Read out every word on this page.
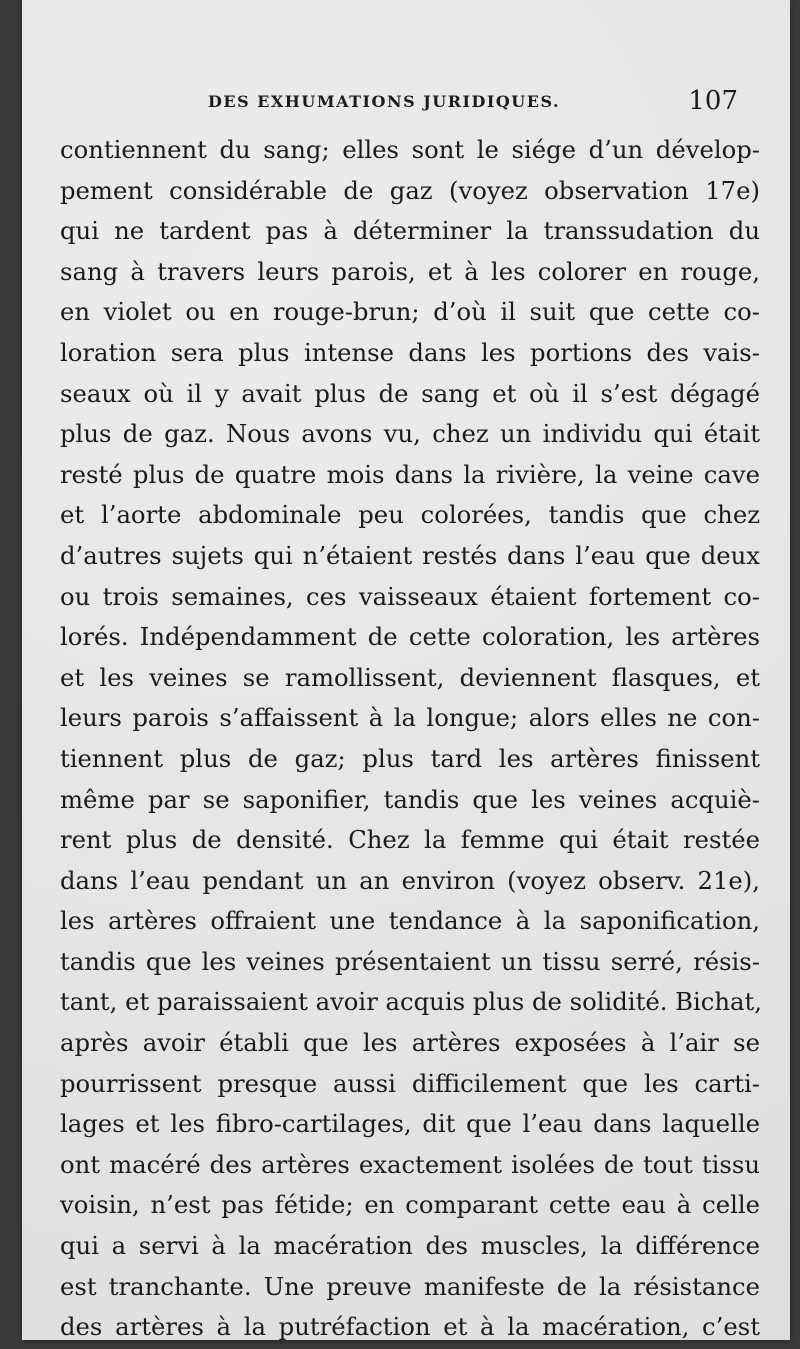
DES EXHUMATIONS JURIDIQUES.	107
contiennent du sang; elles sont le siége d’un dévelop-
pement considérable de gaz (voyez observation 17e)
qui ne tardent pas à déterminer la transsudation du
sang à travers leurs parois, et à les colorer en rouge,
en violet ou en rouge-brun; d’où il suit que cette co-
loration sera plus intense dans les portions des vais-
seaux où il y avait plus de sang et où il s’est dégagé
plus de gaz. Nous avons vu, chez un individu qui était
resté plus de quatre mois dans la rivière, la veine cave
et l’aorte abdominale peu colorées, tandis que chez
d’autres sujets qui n’étaient restés dans l’eau que deux
ou trois semaines, ces vaisseaux étaient fortement co-
lorés. Indépendamment de cette coloration, les artères
et les veines se ramollissent, deviennent flasques, et
leurs parois s’affaissent à la longue; alors elles ne con-
tiennent plus de gaz; plus tard les artères finissent
même par se saponifier, tandis que les veines acquiè-
rent plus de densité. Chez la femme qui était restée
dans l’eau pendant un an environ (voyez observ. 21e),
les artères offraient une tendance à la saponification,
tandis que les veines présentaient un tissu serré, résis-
tant, et paraissaient avoir acquis plus de solidité. Bichat,
après avoir établi que les artères exposées à l’air se
pourrissent presque aussi difficilement que les carti-
lages et les fibro-cartilages, dit que l’eau dans laquelle
ont macéré des artères exactement isolées de tout tissu
voisin, n’est pas fétide; en comparant cette eau à celle
qui a servi à la macération des muscles, la différence
est tranchante. Une preuve manifeste de la résistance
des artères à la putréfaction et à la macération, c’est
